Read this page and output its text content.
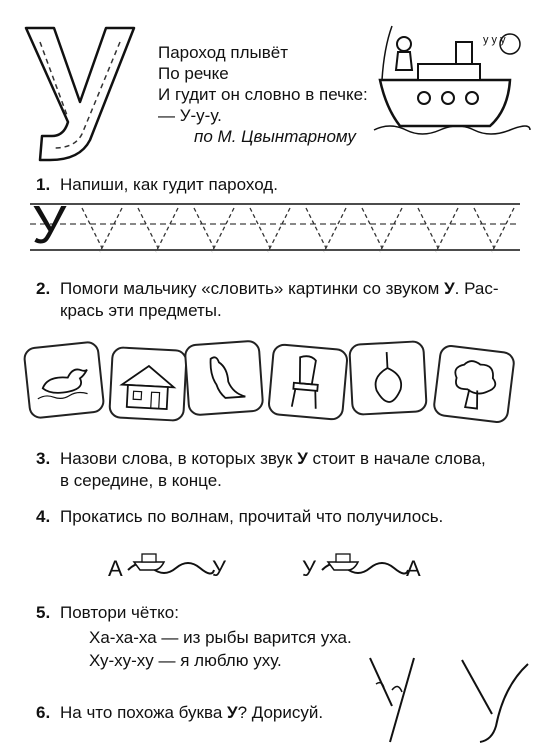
Пароход плывёт
По речке
И гудит он словно в печке:
— У-у-у.
по М. Цвынтарному
у у у
1. Напиши, как гудит пароход.
У
2. Помоги мальчику «словить» картинки со звуком У. Рас-
крась эти предметы.
3. Назови слова, в которых звук У стоит в начале слова,
в середине, в конце.
4. Прокатись по волнам, прочитай что получилось.
А	У	У	А
5. Повтори чётко:
Ха-ха-ха — из рыбы варится уха.
Ху-ху-ху — я люблю уху.
6. На что похожа буква У? Дорисуй.
